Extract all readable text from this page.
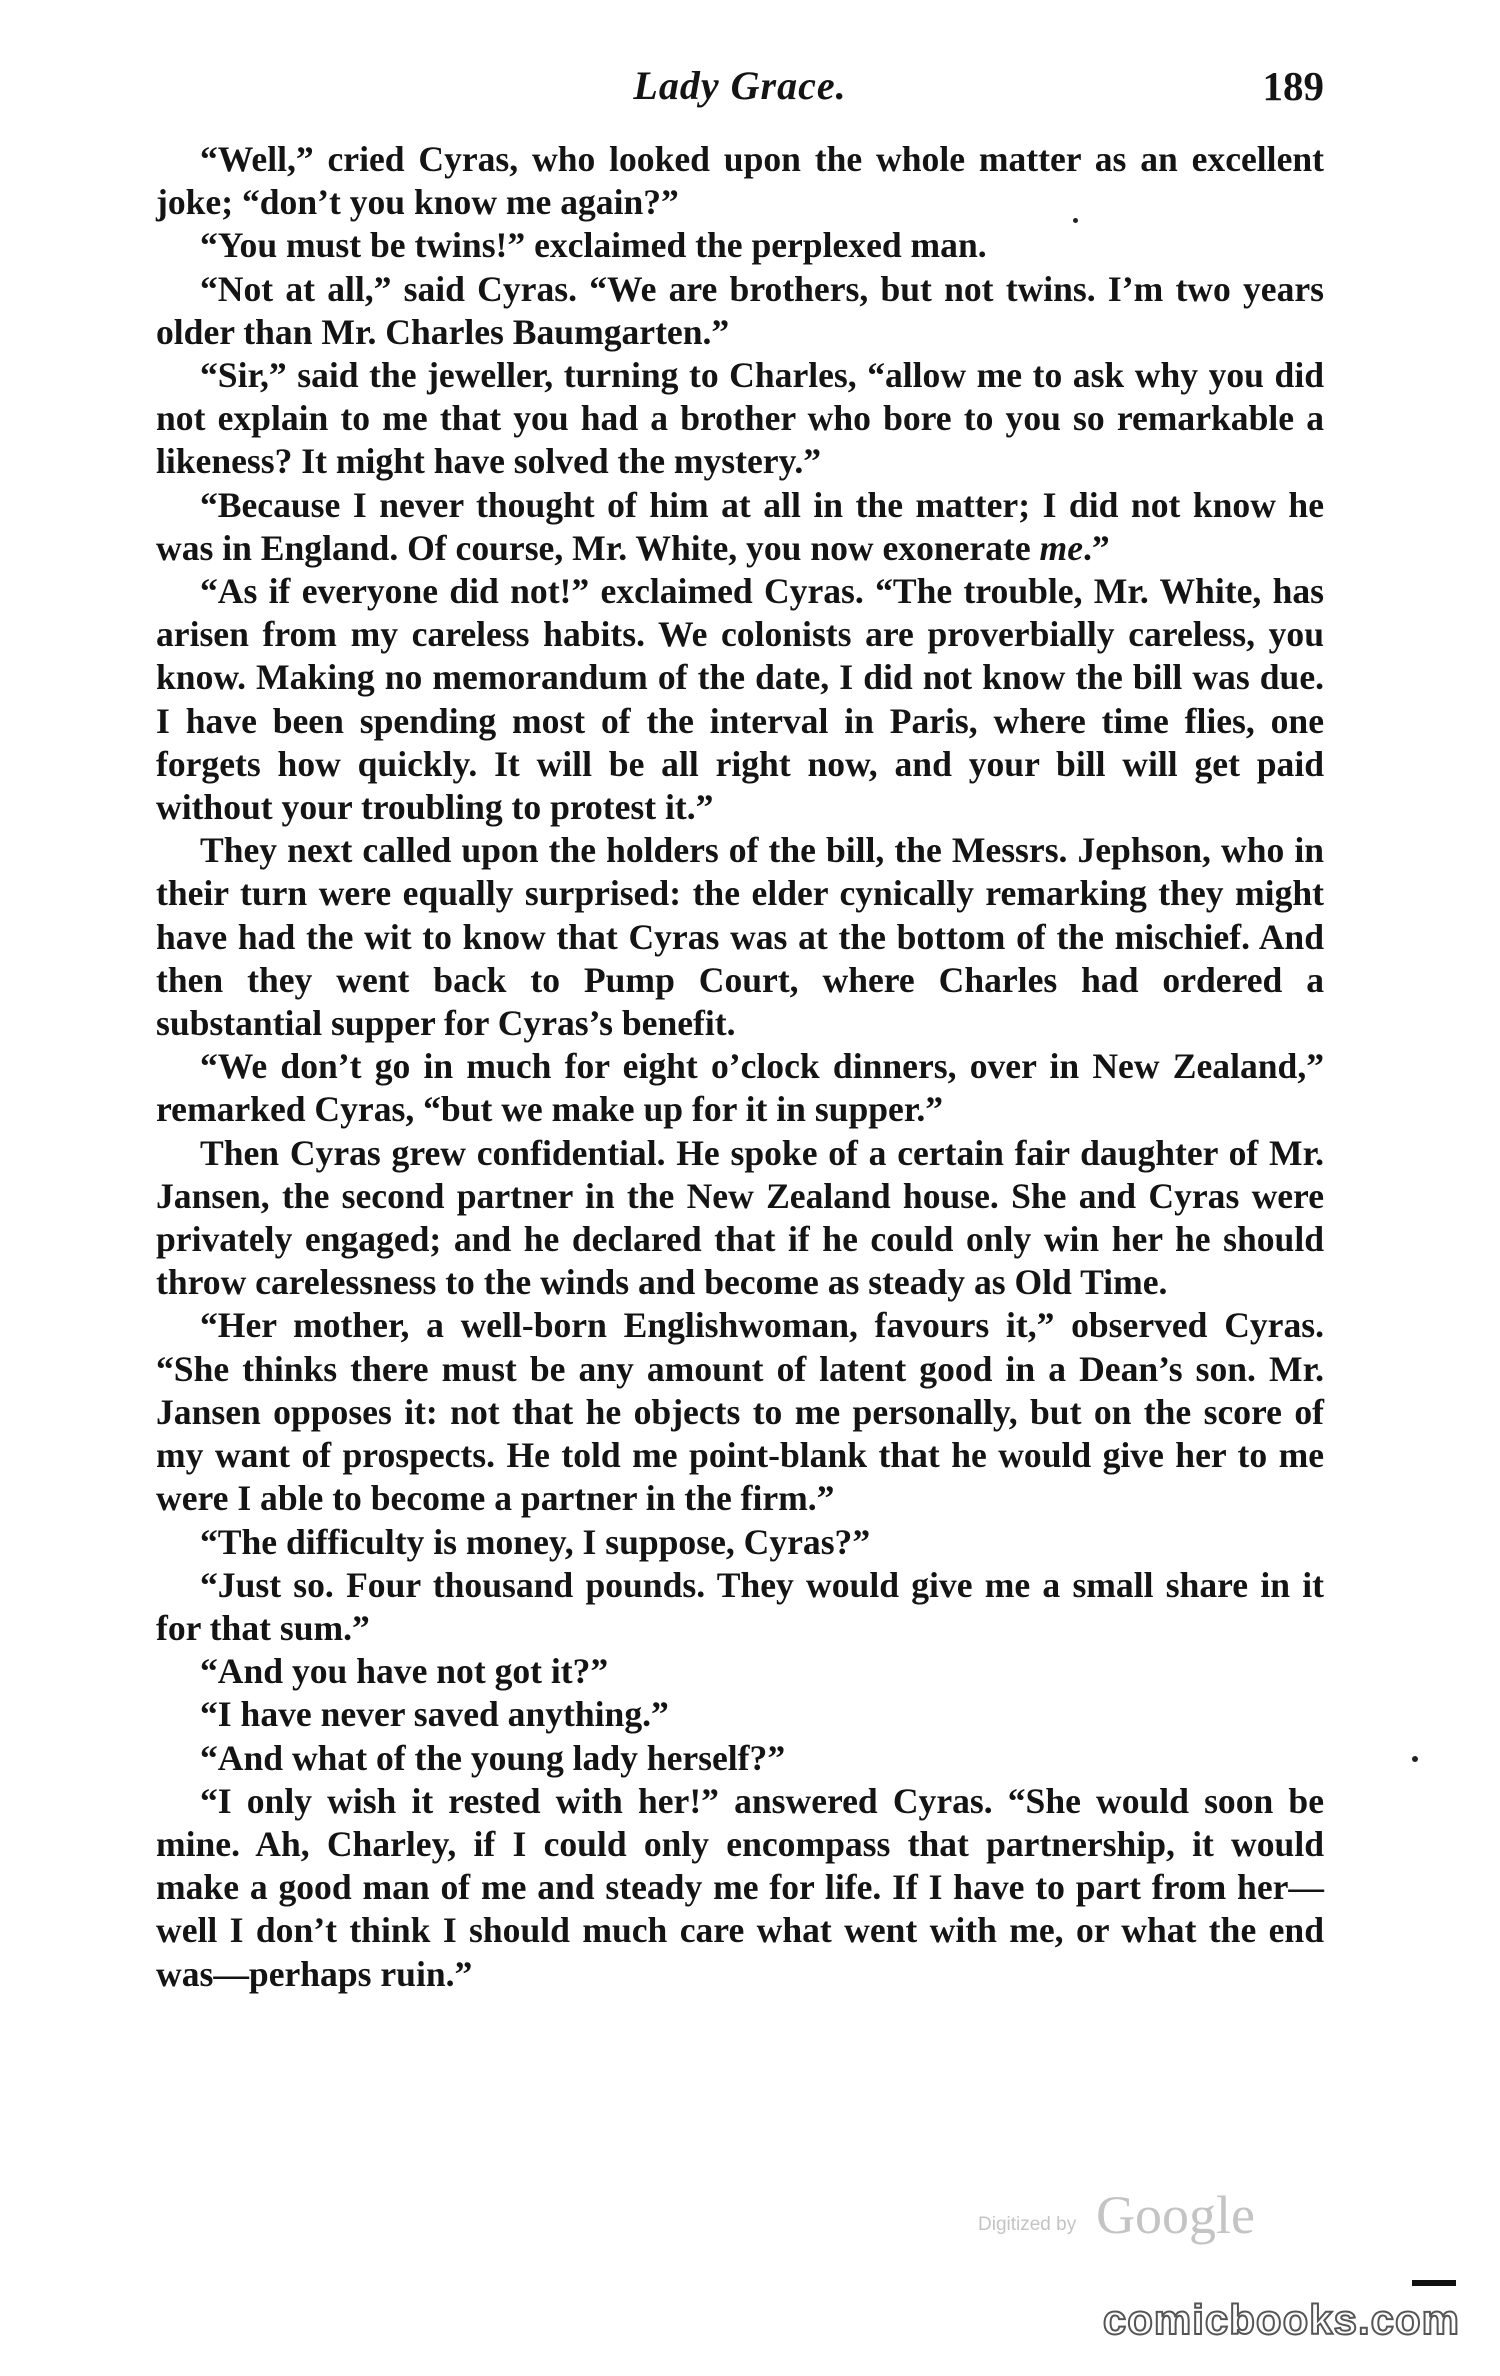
Lady Grace.	189

“Well,” cried Cyras, who looked upon the whole matter as an excellent joke; “don’t you know me again?”

“You must be twins!” exclaimed the perplexed man.

“Not at all,” said Cyras. “We are brothers, but not twins. I’m two years older than Mr. Charles Baumgarten.”

“Sir,” said the jeweller, turning to Charles, “allow me to ask why you did not explain to me that you had a brother who bore to you so remarkable a likeness? It might have solved the mystery.”

“Because I never thought of him at all in the matter; I did not know he was in England. Of course, Mr. White, you now exonerate me.”

“As if everyone did not!” exclaimed Cyras. “The trouble, Mr. White, has arisen from my careless habits. We colonists are proverbially careless, you know. Making no memorandum of the date, I did not know the bill was due. I have been spending most of the interval in Paris, where time flies, one forgets how quickly. It will be all right now, and your bill will get paid without your troubling to protest it.”

They next called upon the holders of the bill, the Messrs. Jephson, who in their turn were equally surprised: the elder cynically remarking they might have had the wit to know that Cyras was at the bottom of the mischief. And then they went back to Pump Court, where Charles had ordered a substantial supper for Cyras’s benefit.

“We don’t go in much for eight o’clock dinners, over in New Zealand,” remarked Cyras, “but we make up for it in supper.”

Then Cyras grew confidential. He spoke of a certain fair daughter of Mr. Jansen, the second partner in the New Zealand house. She and Cyras were privately engaged; and he declared that if he could only win her he should throw carelessness to the winds and become as steady as Old Time.

“Her mother, a well-born Englishwoman, favours it,” observed Cyras. “She thinks there must be any amount of latent good in a Dean’s son. Mr. Jansen opposes it: not that he objects to me personally, but on the score of my want of prospects. He told me point-blank that he would give her to me were I able to become a partner in the firm.”

“The difficulty is money, I suppose, Cyras?”

“Just so. Four thousand pounds. They would give me a small share in it for that sum.”

“And you have not got it?”

“I have never saved anything.”

“And what of the young lady herself?”

“I only wish it rested with her!” answered Cyras. “She would soon be mine. Ah, Charley, if I could only encompass that partnership, it would make a good man of me and steady me for life. If I have to part from her—well I don’t think I should much care what went with me, or what the end was—perhaps ruin.”

Digitized by Google
comicbooks.com
